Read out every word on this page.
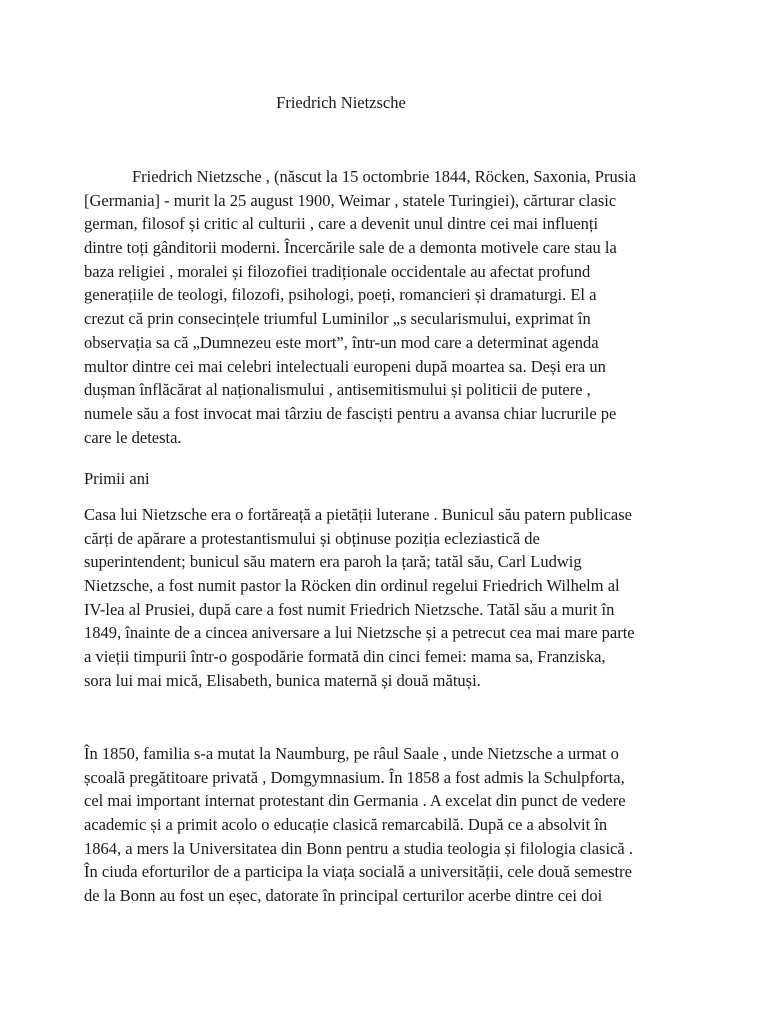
Friedrich Nietzsche

Friedrich Nietzsche , (născut la 15 octombrie 1844, Röcken, Saxonia, Prusia
[Germania] - murit la 25 august 1900, Weimar , statele Turingiei), cărturar clasic
german, filosof și critic al culturii , care a devenit unul dintre cei mai influenți
dintre toți gânditorii moderni. Încercările sale de a demonta motivele care stau la
baza religiei , moralei și filozofiei tradiționale occidentale au afectat profund
generațiile de teologi, filozofi, psihologi, poeți, romancieri și dramaturgi. El a
crezut că prin consecințele triumful Luminilor „s secularismului, exprimat în
observația sa că „Dumnezeu este mort”, într-un mod care a determinat agenda
multor dintre cei mai celebri intelectuali europeni după moartea sa. Deși era un
dușman înflăcărat al naționalismului , antisemitismului și politicii de putere ,
numele său a fost invocat mai târziu de fasciști pentru a avansa chiar lucrurile pe
care le detesta.

Primii ani

Casa lui Nietzsche era o fortăreață a pietății luterane . Bunicul său patern publicase
cărți de apărare a protestantismului și obținuse poziția ecleziastică de
superintendent; bunicul său matern era paroh la țară; tatăl său, Carl Ludwig
Nietzsche, a fost numit pastor la Röcken din ordinul regelui Friedrich Wilhelm al
IV-lea al Prusiei, după care a fost numit Friedrich Nietzsche. Tatăl său a murit în
1849, înainte de a cincea aniversare a lui Nietzsche și a petrecut cea mai mare parte
a vieții timpurii într-o gospodărie formată din cinci femei: mama sa, Franziska,
sora lui mai mică, Elisabeth, bunica maternă și două mătuși.

În 1850, familia s-a mutat la Naumburg, pe râul Saale , unde Nietzsche a urmat o
școală pregătitoare privată , Domgymnasium. În 1858 a fost admis la Schulpforta,
cel mai important internat protestant din Germania . A excelat din punct de vedere
academic și a primit acolo o educație clasică remarcabilă. După ce a absolvit în
1864, a mers la Universitatea din Bonn pentru a studia teologia și filologia clasică .
În ciuda eforturilor de a participa la viața socială a universității, cele două semestre
de la Bonn au fost un eșec, datorate în principal certurilor acerbe dintre cei doi
